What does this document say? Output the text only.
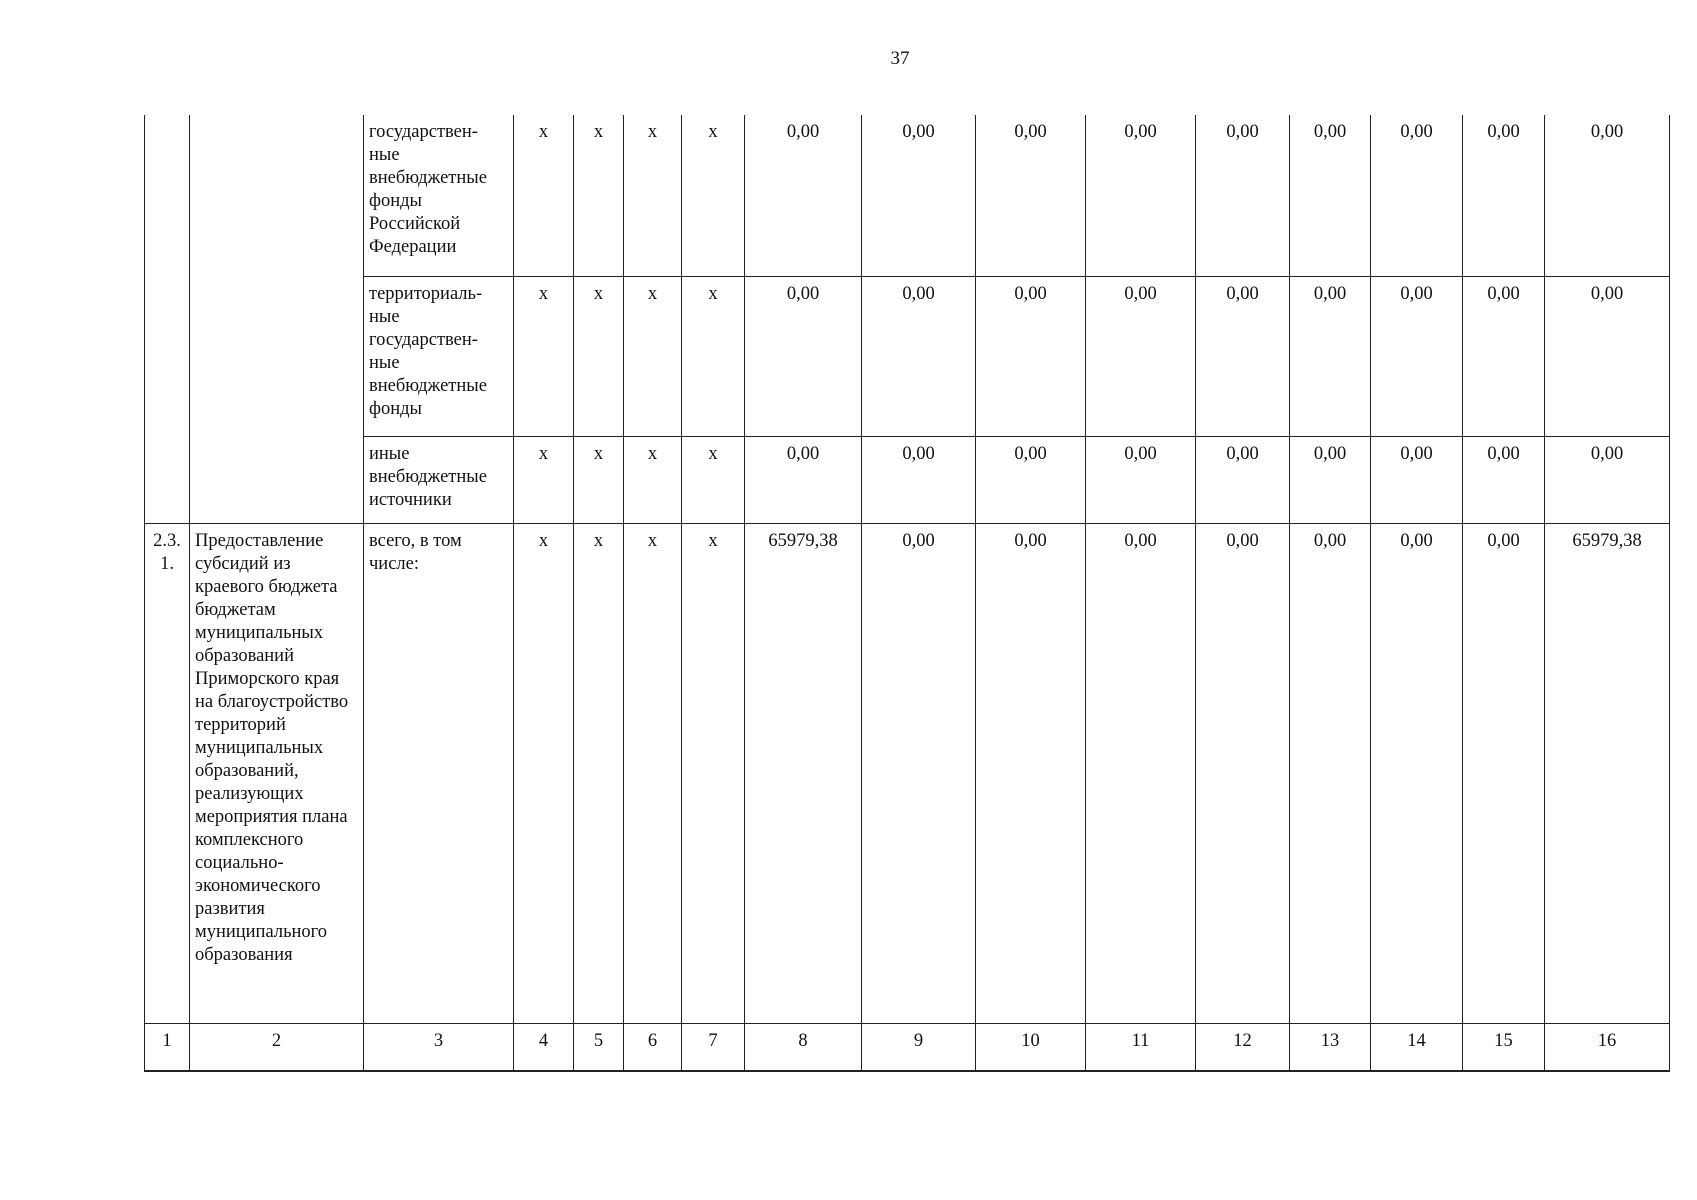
37
		государствен-ные внебюджетные фонды Российской Федерации	х	х	х	х	0,00	0,00	0,00	0,00	0,00	0,00	0,00	0,00	0,00
		территориаль-ные государствен-ные внебюджетные фонды	х	х	х	х	0,00	0,00	0,00	0,00	0,00	0,00	0,00	0,00	0,00
		иные внебюджетные источники	х	х	х	х	0,00	0,00	0,00	0,00	0,00	0,00	0,00	0,00	0,00
2.3. 1.	Предоставление субсидий из краевого бюджета бюджетам муниципальных образований Приморского края на благоустройство территорий муниципальных образований, реализующих мероприятия плана комплексного социально-экономического развития муниципального образования	всего, в том числе:	х	х	х	х	65979,38	0,00	0,00	0,00	0,00	0,00	0,00	0,00	65979,38
1	2	3	4	5	6	7	8	9	10	11	12	13	14	15	16
